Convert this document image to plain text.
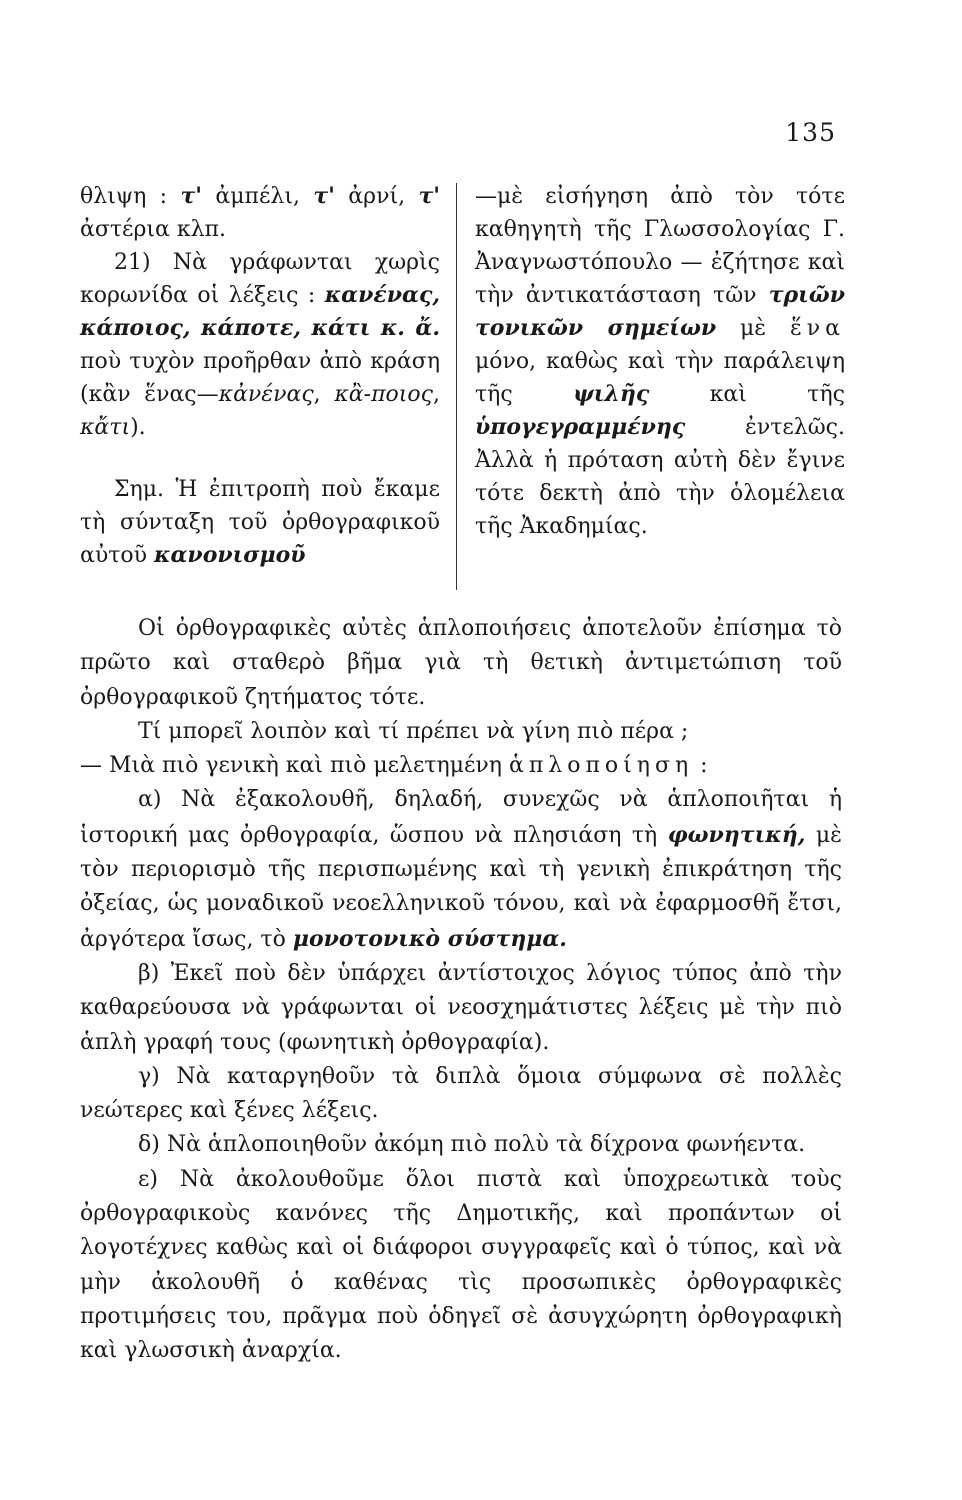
135

θλιψη : τ' ἀμπέλι, τ' ἀρνί, τ' ἀστέρια κλπ.

21) Νὰ γράφωνται χωρὶς κορωνίδα οἱ λέξεις : κανένας, κάποιος, κάποτε, κάτι κ. ἄ. ποὺ τυχὸν προῆρθαν ἀπὸ κράση (κἂν ἕνας—κἀνένας, κἂ-ποιος, κἄτι).

Σημ. Ἡ ἐπιτροπὴ ποὺ ἔκαμε τὴ σύνταξη τοῦ ὀρθογραφικοῦ αὐτοῦ κανονισμοῦ

—μὲ εἰσήγηση ἀπὸ τὸν τότε καθηγητὴ τῆς Γλωσσολογίας Γ. Ἀναγνωστόπουλο — ἐζήτησε καὶ τὴν ἀντικατάσταση τῶν τριῶν τονικῶν σημείων μὲ ἕνα μόνο, καθὼς καὶ τὴν παράλειψη τῆς ψιλῆς καὶ τῆς ὑπογεγραμμένης ἐντελῶς. Ἀλλὰ ἡ πρόταση αὐτὴ δὲν ἔγινε τότε δεκτὴ ἀπὸ τὴν ὁλομέλεια τῆς Ἀκαδημίας.

Οἱ ὀρθογραφικὲς αὐτὲς ἁπλοποιήσεις ἀποτελοῦν ἐπίσημα τὸ πρῶτο καὶ σταθερὸ βῆμα γιὰ τὴ θετικὴ ἀντιμετώπιση τοῦ ὀρθογραφικοῦ ζητήματος τότε.

Τί μπορεῖ λοιπὸν καὶ τί πρέπει νὰ γίνη πιὸ πέρα ;

— Μιὰ πιὸ γενικὴ καὶ πιὸ μελετημένη ἁπλοποίηση :

α) Νὰ ἐξακολουθῆ, δηλαδή, συνεχῶς νὰ ἁπλοποιῆται ἡ ἱστορική μας ὀρθογραφία, ὥσπου νὰ πλησιάση τὴ φωνητική, μὲ τὸν περιορισμὸ τῆς περισπωμένης καὶ τὴ γενικὴ ἐπικράτηση τῆς ὀξείας, ὡς μοναδικοῦ νεοελληνικοῦ τόνου, καὶ νὰ ἐφαρμοσθῆ ἔτσι, ἀργότερα ἴσως, τὸ μονοτονικὸ σύστημα.

β) Ἐκεῖ ποὺ δὲν ὑπάρχει ἀντίστοιχος λόγιος τύπος ἀπὸ τὴν καθαρεύουσα νὰ γράφωνται οἱ νεοσχημάτιστες λέξεις μὲ τὴν πιὸ ἁπλὴ γραφή τους (φωνητικὴ ὀρθογραφία).

γ) Νὰ καταργηθοῦν τὰ διπλὰ ὅμοια σύμφωνα σὲ πολλὲς νεώτερες καὶ ξένες λέξεις.

δ) Νὰ ἁπλοποιηθοῦν ἀκόμη πιὸ πολὺ τὰ δίχρονα φωνήεντα.

ε) Νὰ ἀκολουθοῦμε ὅλοι πιστὰ καὶ ὑποχρεωτικὰ τοὺς ὀρθογραφικοὺς κανόνες τῆς Δημοτικῆς, καὶ προπάντων οἱ λογοτέχνες καθὼς καὶ οἱ διάφοροι συγγραφεῖς καὶ ὁ τύπος, καὶ νὰ μὴν ἀκολουθῆ ὁ καθένας τὶς προσωπικὲς ὀρθογραφικὲς προτιμήσεις του, πρᾶγμα ποὺ ὁδηγεῖ σὲ ἀσυγχώρητη ὀρθογραφικὴ καὶ γλωσσικὴ ἀναρχία.
